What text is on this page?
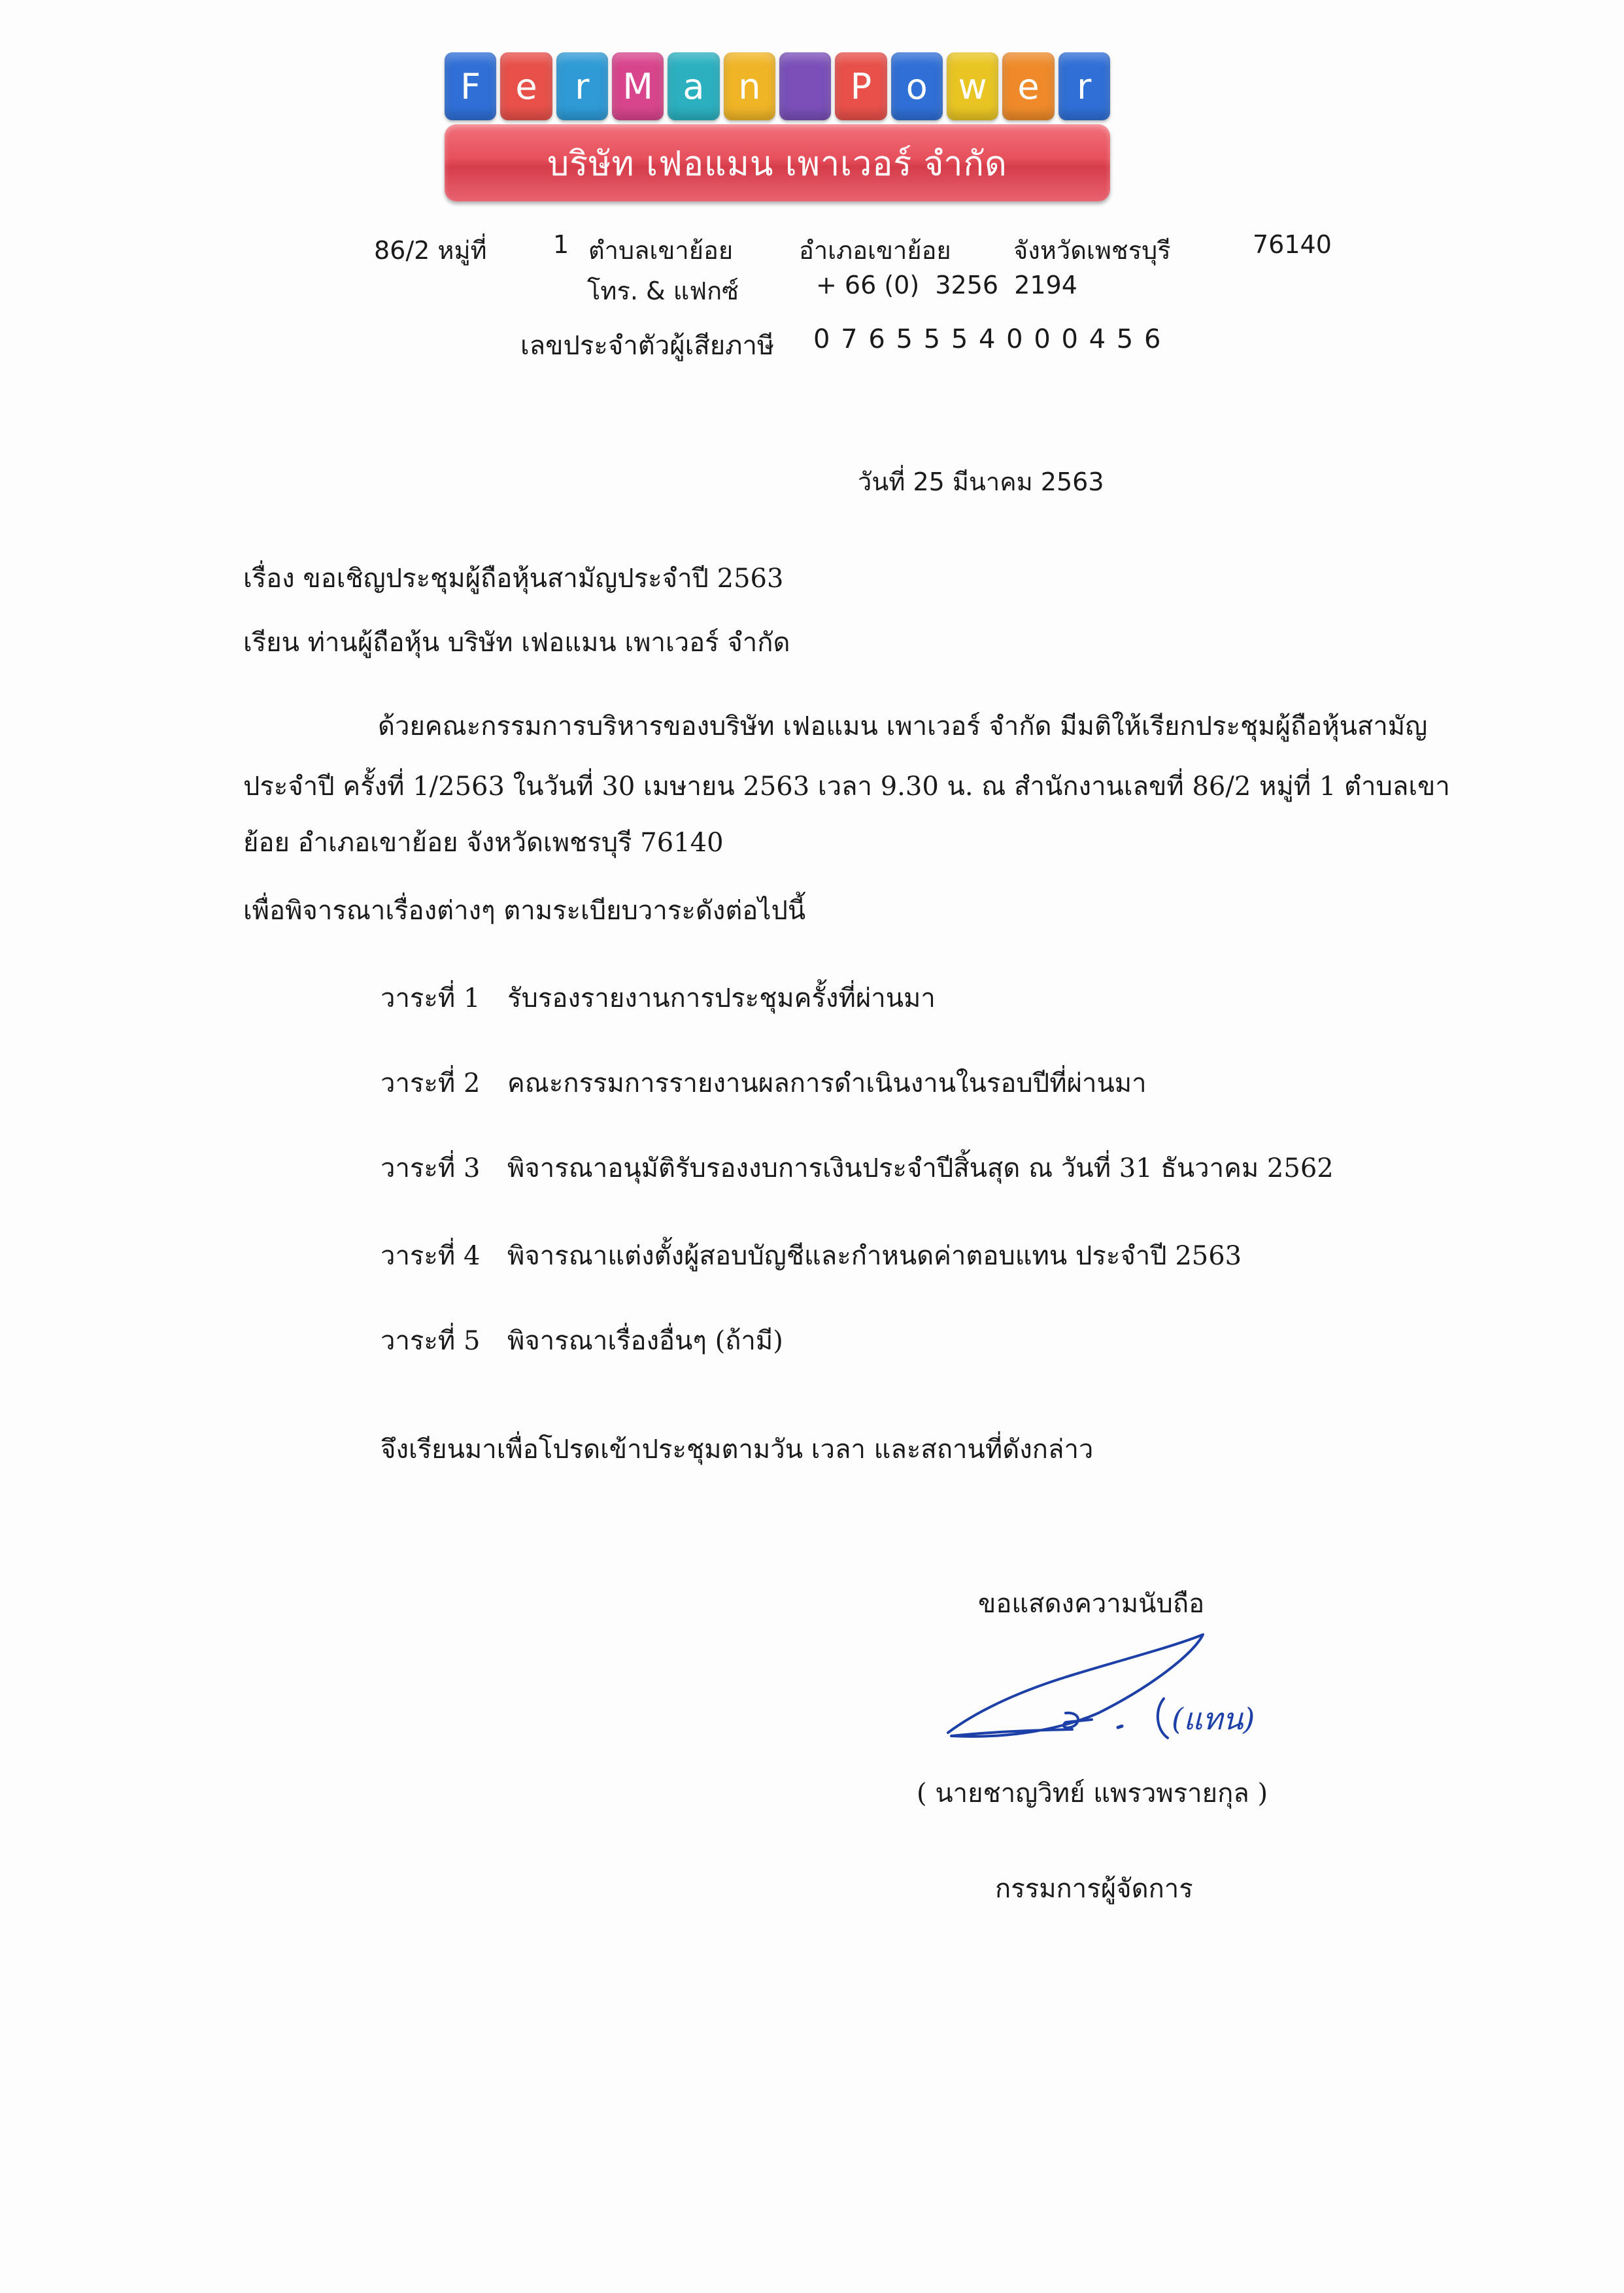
F e	r M a n	P o w e	r
บริษัท เฟอแมน เพาเวอร์ จำกัด
86/2 หมู่ที่	1 ตำบลเขาย้อย	อำเภอเขาย้อย	จังหวัดเพชรบุรี	76140
โทร. & แฟกซ์	+ 66 (0)  3256  2194
เลขประจำตัวผู้เสียภาษี 0 7 6 5 5 5 4 0 0 0 4 5 6
วันที่ 25 มีนาคม 2563
เรื่อง ขอเชิญประชุมผู้ถือหุ้นสามัญประจำปี 2563
เรียน ท่านผู้ถือหุ้น บริษัท เฟอแมน เพาเวอร์ จำกัด
ด้วยคณะกรรมการบริหารของบริษัท เฟอแมน เพาเวอร์ จำกัด มีมติให้เรียกประชุมผู้ถือหุ้นสามัญ
ประจำปี ครั้งที่ 1/2563 ในวันที่ 30 เมษายน 2563 เวลา 9.30 น. ณ สำนักงานเลขที่ 86/2 หมู่ที่ 1 ตำบลเขา
ย้อย อำเภอเขาย้อย จังหวัดเพชรบุรี 76140
เพื่อพิจารณาเรื่องต่างๆ ตามระเบียบวาระดังต่อไปนี้
วาระที่ 1 รับรองรายงานการประชุมครั้งที่ผ่านมา
วาระที่ 2 คณะกรรมการรายงานผลการดำเนินงานในรอบปีที่ผ่านมา
วาระที่ 3 พิจารณาอนุมัติรับรองงบการเงินประจำปีสิ้นสุด ณ วันที่ 31 ธันวาคม 2562
วาระที่ 4 พิจารณาแต่งตั้งผู้สอบบัญชีและกำหนดค่าตอบแทน ประจำปี 2563
วาระที่ 5 พิจารณาเรื่องอื่นๆ (ถ้ามี)
จึงเรียนมาเพื่อโปรดเข้าประชุมตามวัน เวลา และสถานที่ดังกล่าว
ขอแสดงความนับถือ
(แทน)
( นายชาญวิทย์ แพรวพรายกุล )
กรรมการผู้จัดการ
